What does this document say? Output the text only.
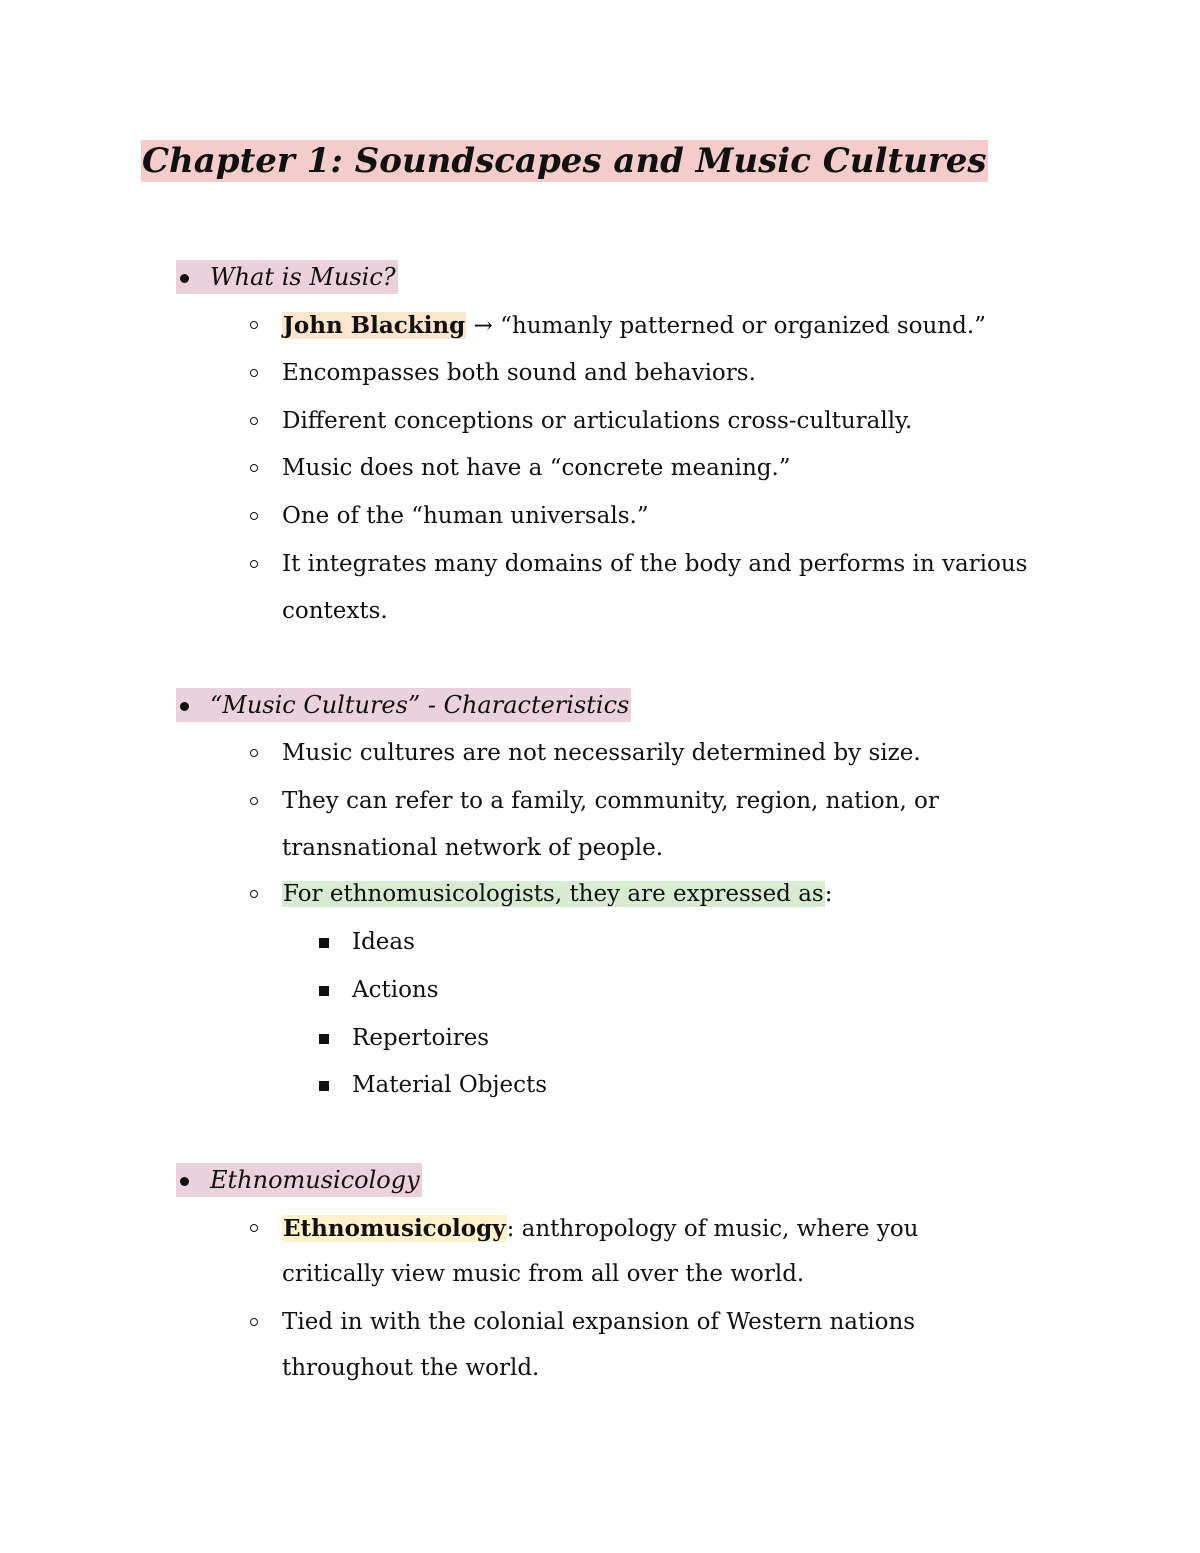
Chapter 1: Soundscapes and Music Cultures
What is Music?
John Blacking → “humanly patterned or organized sound.”
Encompasses both sound and behaviors.
Different conceptions or articulations cross-culturally.
Music does not have a “concrete meaning.”
One of the “human universals.”
It integrates many domains of the body and performs in various
contexts.
“Music Cultures” - Characteristics
Music cultures are not necessarily determined by size.
They can refer to a family, community, region, nation, or
transnational network of people.
For ethnomusicologists, they are expressed as:
Ideas
Actions
Repertoires
Material Objects
Ethnomusicology
Ethnomusicology: anthropology of music, where you
critically view music from all over the world.
Tied in with the colonial expansion of Western nations
throughout the world.
